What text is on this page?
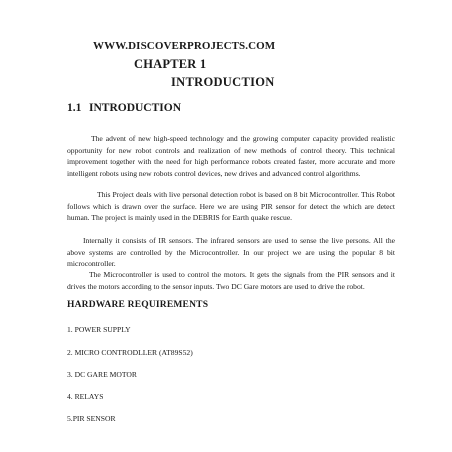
WWW.DISCOVERPROJECTS.COM
CHAPTER 1
INTRODUCTION
1.1 INTRODUCTION

The advent of new high-speed technology and the growing computer capacity provided realistic opportunity for new robot controls and realization of new methods of control theory. This technical improvement together with the need for high performance robots created faster, more accurate and more intelligent robots using new robots control devices, new drives and advanced control algorithms.

This Project deals with live personal detection robot is based on 8 bit Microcontroller. This Robot follows which is drawn over the surface. Here we are using PIR sensor for detect the which are detect human. The project is mainly used in the DEBRIS for Earth quake rescue.

Internally it consists of IR sensors. The infrared sensors are used to sense the live persons. All the above systems are controlled by the Microcontroller. In our project we are using the popular 8 bit microcontroller.

The Microcontroller is used to control the motors. It gets the signals from the PIR sensors and it drives the motors according to the sensor inputs. Two DC Gare motors are used to drive the robot.

HARDWARE REQUIREMENTS
1. POWER SUPPLY
2. MICRO CONTRODLLER (AT89S52)
3. DC GARE MOTOR
4. RELAYS
5.PIR SENSOR
